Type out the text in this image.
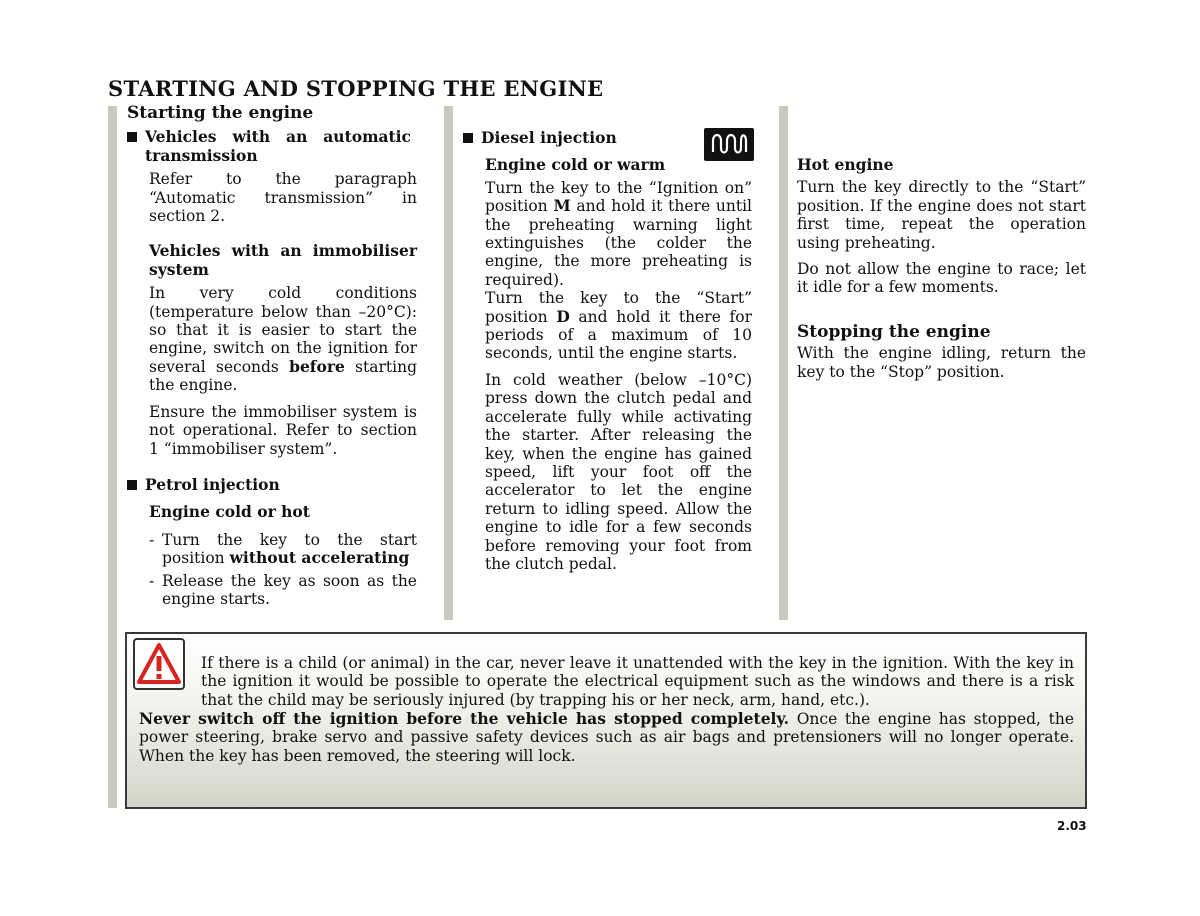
STARTING AND STOPPING THE ENGINE

Starting the engine

Vehicles with an automatic transmission

Refer to the paragraph “Automatic transmission” in section 2.

Vehicles with an immobiliser system

In very cold conditions (temperature below than –20°C): so that it is easier to start the engine, switch on the ignition for several seconds before starting the engine.

Ensure the immobiliser system is not operational. Refer to section 1 “immobiliser system”.

Petrol injection

Engine cold or hot

- Turn the key to the start position without accelerating

- Release the key as soon as the engine starts.

Diesel injection

Engine cold or warm

Turn the key to the “Ignition on” position M and hold it there until the preheating warning light extinguishes (the colder the engine, the more preheating is required).

Turn the key to the “Start” position D and hold it there for periods of a maximum of 10 seconds, until the engine starts.

In cold weather (below –10°C) press down the clutch pedal and accelerate fully while activating the starter. After releasing the key, when the engine has gained speed, lift your foot off the accelerator to let the engine return to idling speed. Allow the engine to idle for a few seconds before removing your foot from the clutch pedal.

Hot engine

Turn the key directly to the “Start” position. If the engine does not start first time, repeat the operation using preheating.

Do not allow the engine to race; let it idle for a few moments.

Stopping the engine

With the engine idling, return the key to the “Stop” position.

If there is a child (or animal) in the car, never leave it unattended with the key in the ignition. With the key in the ignition it would be possible to operate the electrical equipment such as the windows and there is a risk that the child may be seriously injured (by trapping his or her neck, arm, hand, etc.).

Never switch off the ignition before the vehicle has stopped completely. Once the engine has stopped, the power steering, brake servo and passive safety devices such as air bags and pretensioners will no longer operate. When the key has been removed, the steering will lock.

2.03
